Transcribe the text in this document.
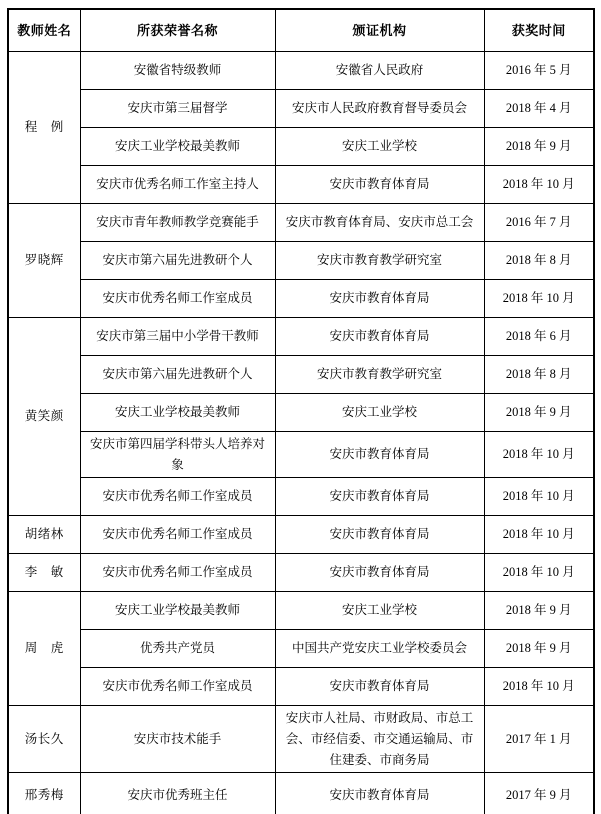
教师姓名	所获荣誉名称	颁证机构	获奖时间
程　例	安徽省特级教师	安徽省人民政府	2016 年 5 月
	安庆市第三届督学	安庆市人民政府教育督导委员会	2018 年 4 月
	安庆工业学校最美教师	安庆工业学校	2018 年 9 月
	安庆市优秀名师工作室主持人	安庆市教育体育局	2018 年 10 月
罗晓辉	安庆市青年教师教学竞赛能手	安庆市教育体育局、安庆市总工会	2016 年 7 月
	安庆市第六届先进教研个人	安庆市教育教学研究室	2018 年 8 月
	安庆市优秀名师工作室成员	安庆市教育体育局	2018 年 10 月
黄笑颜	安庆市第三届中小学骨干教师	安庆市教育体育局	2018 年 6 月
	安庆市第六届先进教研个人	安庆市教育教学研究室	2018 年 8 月
	安庆工业学校最美教师	安庆工业学校	2018 年 9 月
	安庆市第四届学科带头人培养对象	安庆市教育体育局	2018 年 10 月
	安庆市优秀名师工作室成员	安庆市教育体育局	2018 年 10 月
胡绪林	安庆市优秀名师工作室成员	安庆市教育体育局	2018 年 10 月
李　敏	安庆市优秀名师工作室成员	安庆市教育体育局	2018 年 10 月
周　虎	安庆工业学校最美教师	安庆工业学校	2018 年 9 月
	优秀共产党员	中国共产党安庆工业学校委员会	2018 年 9 月
	安庆市优秀名师工作室成员	安庆市教育体育局	2018 年 10 月
汤长久	安庆市技术能手	安庆市人社局、市财政局、市总工会、市经信委、市交通运输局、市住建委、市商务局	2017 年 1 月
邢秀梅	安庆市优秀班主任	安庆市教育体育局	2017 年 9 月
